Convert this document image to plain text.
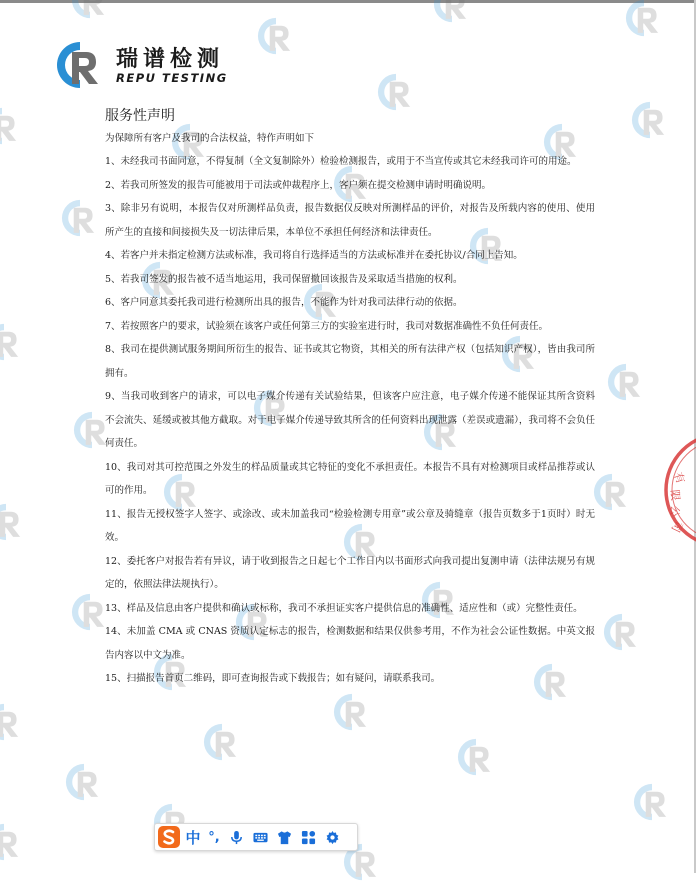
有
限
公
司
瑞谱检测
REPU TESTING
服务性声明
为保障所有客户及我司的合法权益，特作声明如下
1、未经我司书面同意，不得复制（全文复制除外）检验检测报告，或用于不当宣传或其它未经我司许可的用途。
2、若我司所签发的报告可能被用于司法或仲裁程序上，客户须在提交检测申请时明确说明。
3、除非另有说明，本报告仅对所测样品负责，报告数据仅反映对所测样品的评价，对报告及所载内容的使用、使用所产生的直接和间接损失及一切法律后果，本单位不承担任何经济和法律责任。
4、若客户并未指定检测方法或标准，我司将自行选择适当的方法或标准并在委托协议/合同上告知。
5、若我司签发的报告被不适当地运用，我司保留撤回该报告及采取适当措施的权利。
6、客户同意其委托我司进行检测所出具的报告，不能作为针对我司法律行动的依据。
7、若按照客户的要求，试验须在该客户或任何第三方的实验室进行时，我司对数据准确性不负任何责任。
8、我司在提供测试服务期间所衍生的报告、证书或其它物资，其相关的所有法律产权（包括知识产权），皆由我司所拥有。
9、当我司收到客户的请求，可以电子媒介传递有关试验结果，但该客户应注意，电子媒介传递不能保证其所含资料不会流失、延缓或被其他方截取。对于电子媒介传递导致其所含的任何资料出现泄露（差误或遗漏），我司将不会负任何责任。
10、我司对其可控范围之外发生的样品质量或其它特征的变化不承担责任。本报告不具有对检测项目或样品推荐或认可的作用。
11、报告无授权签字人签字、或涂改、或未加盖我司“检验检测专用章”或公章及骑缝章（报告页数多于1页时）时无效。
12、委托客户对报告若有异议，请于收到报告之日起七个工作日内以书面形式向我司提出复测申请（法律法规另有规定的，依照法律法规执行）。
13、样品及信息由客户提供和确认或标称，我司不承担证实客户提供信息的准确性、适应性和（或）完整性责任。
14、未加盖 CMA 或 CNAS 资质认定标志的报告，检测数据和结果仅供参考用，不作为社会公证性数据。中英文报告内容以中文为准。
15、扫描报告首页二维码，即可查询报告或下载报告；如有疑问，请联系我司。
中 °,
